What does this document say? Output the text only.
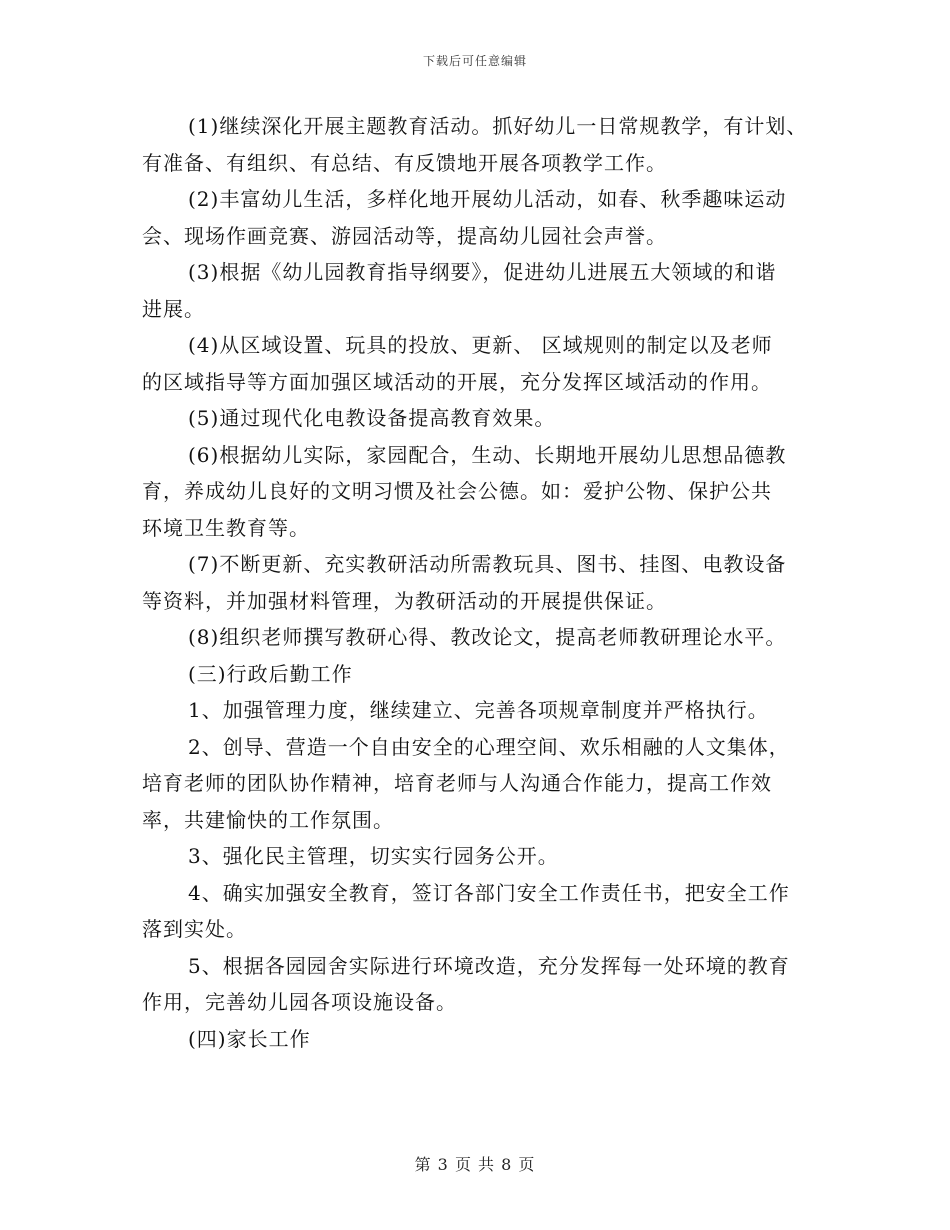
下载后可任意编辑
(1)继续深化开展主题教育活动。抓好幼儿一日常规教学，有计划、
有准备、有组织、有总结、有反馈地开展各项教学工作。
(2)丰富幼儿生活，多样化地开展幼儿活动，如春、秋季趣味运动
会、现场作画竞赛、游园活动等，提高幼儿园社会声誉。
(3)根据《幼儿园教育指导纲要》，促进幼儿进展五大领域的和谐
进展。
(4)从区域设置、玩具的投放、更新、 区域规则的制定以及老师
的区域指导等方面加强区域活动的开展，充分发挥区域活动的作用。
(5)通过现代化电教设备提高教育效果。
(6)根据幼儿实际，家园配合，生动、长期地开展幼儿思想品德教
育，养成幼儿良好的文明习惯及社会公德。如：爱护公物、保护公共
环境卫生教育等。
(7)不断更新、充实教研活动所需教玩具、图书、挂图、电教设备
等资料，并加强材料管理，为教研活动的开展提供保证。
(8)组织老师撰写教研心得、教改论文，提高老师教研理论水平。
(三)行政后勤工作
1、加强管理力度，继续建立、完善各项规章制度并严格执行。
2、创导、营造一个自由安全的心理空间、欢乐相融的人文集体，
培育老师的团队协作精神，培育老师与人沟通合作能力，提高工作效
率，共建愉快的工作氛围。
3、强化民主管理，切实实行园务公开。
4、确实加强安全教育，签订各部门安全工作责任书，把安全工作
落到实处。
5、根据各园园舍实际进行环境改造，充分发挥每一处环境的教育
作用，完善幼儿园各项设施设备。
(四)家长工作
第 3 页 共 8 页
